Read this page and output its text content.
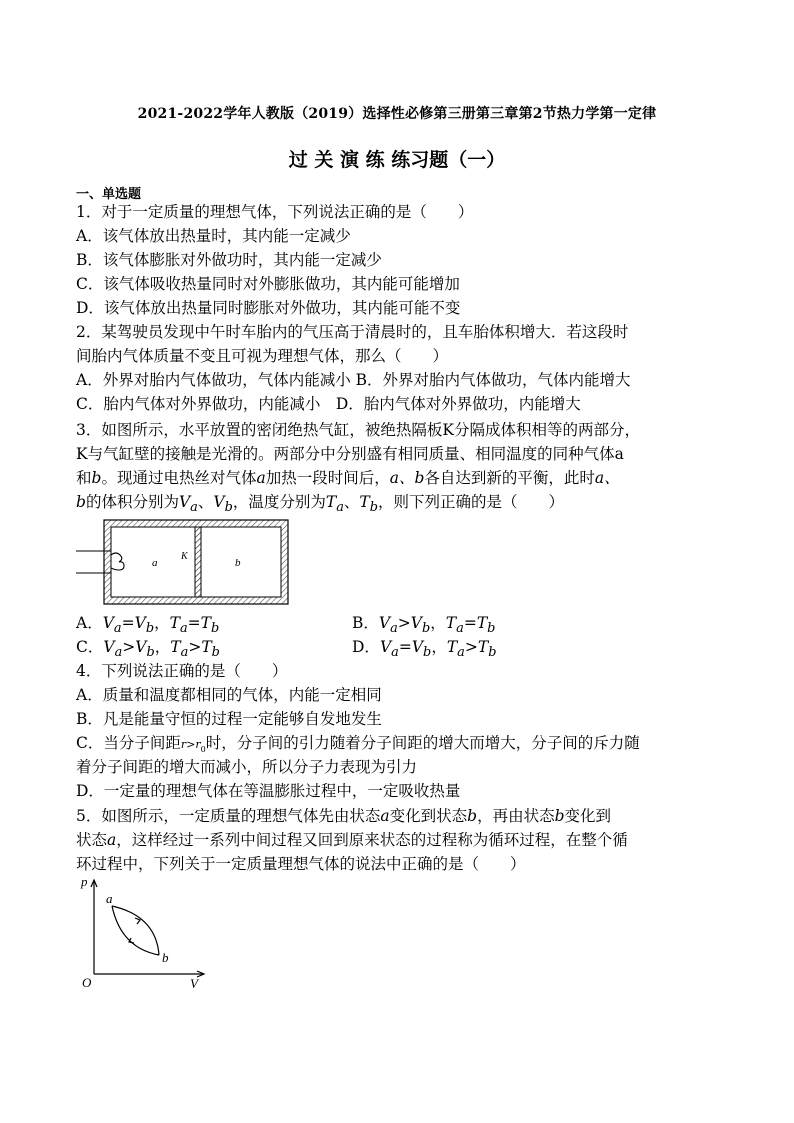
2021-2022学年人教版（2019）选择性必修第三册第三章第2节热力学第一定律
过 关 演 练 练习题（一）
一、单选题
1．对于一定质量的理想气体，下列说法正确的是（　　）
A．该气体放出热量时，其内能一定减少
B．该气体膨胀对外做功时，其内能一定减少
C．该气体吸收热量同时对外膨胀做功，其内能可能增加
D．该气体放出热量同时膨胀对外做功，其内能可能不变
2．某驾驶员发现中午时车胎内的气压高于清晨时的，且车胎体积增大．若这段时
间胎内气体质量不变且可视为理想气体，那么（　　）
A．外界对胎内气体做功，气体内能减小 B．外界对胎内气体做功，气体内能增大
C．胎内气体对外界做功，内能减小　D．胎内气体对外界做功，内能增大
3．如图所示，水平放置的密闭绝热气缸，被绝热隔板K分隔成体积相等的两部分，
K与气缸壁的接触是光滑的。两部分中分别盛有相同质量、相同温度的同种气体a
和b。现通过电热丝对气体a加热一段时间后，a、b各自达到新的平衡，此时a、
b的体积分别为$V_a$、$V_b$，温度分别为$T_a$、$T_b$，则下列正确的是（　　）
a
K
b
A．$V_a=V_b$，$T_a=T_b$	B．$V_a>V_b$，$T_a=T_b$
C．$V_a>V_b$，$T_a>T_b$	D．$V_a=V_b$，$T_a>T_b$
4．下列说法正确的是（　　）
A．质量和温度都相同的气体，内能一定相同
B．凡是能量守恒的过程一定能够自发地发生
C．当分子间距$r>r_0$时，分子间的引力随着分子间距的增大而增大，分子间的斥力随
着分子间距的增大而减小，所以分子力表现为引力
D．一定量的理想气体在等温膨胀过程中，一定吸收热量
5．如图所示，一定质量的理想气体先由状态a变化到状态b，再由状态b变化到
状态a，这样经过一系列中间过程又回到原来状态的过程称为循环过程，在整个循
环过程中，下列关于一定质量理想气体的说法中正确的是（　　）
p
V
O
a
b
